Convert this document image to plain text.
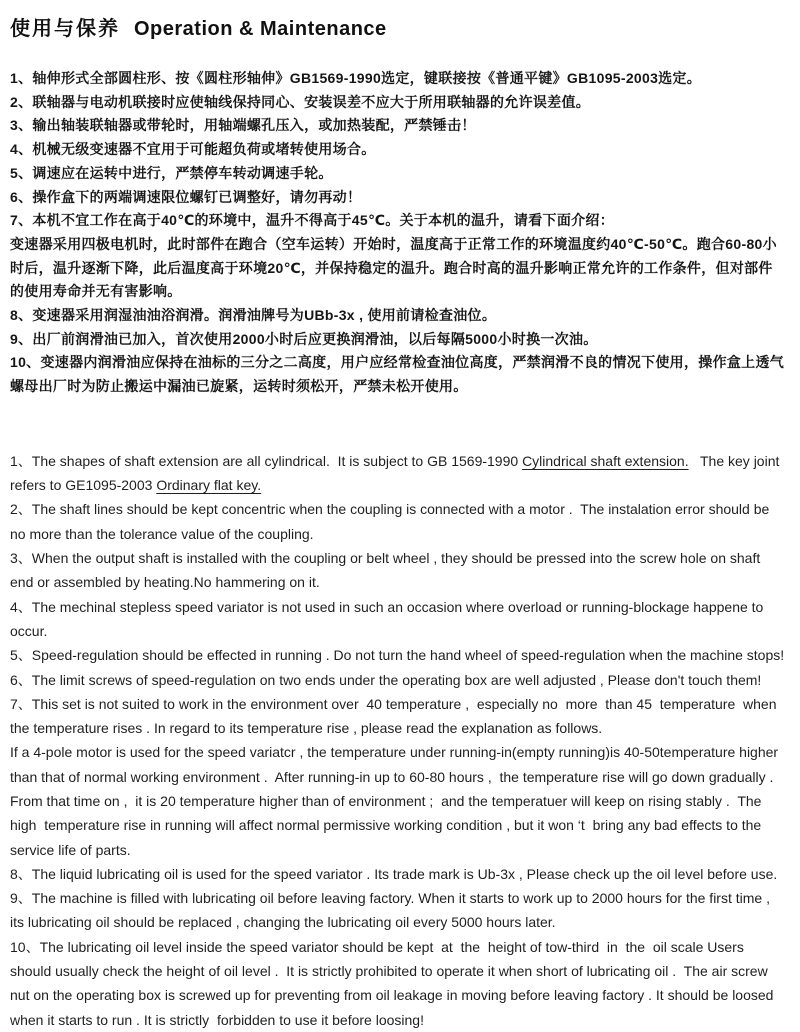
使用与保养 Operation & Maintenance

1、轴伸形式全部圆柱形、按《圆柱形轴伸》GB1569-1990选定，键联接按《普通平键》GB1095-2003选定。

2、联轴器与电动机联接时应使轴线保持同心、安装误差不应大于所用联轴器的允许误差值。

3、输出轴装联轴器或带轮时，用轴端螺孔压入，或加热装配，严禁锤击！

4、机械无级变速器不宜用于可能超负荷或堵转使用场合。

5、调速应在运转中进行，严禁停车转动调速手轮。

6、操作盒下的两端调速限位螺钉已调整好，请勿再动！

7、本机不宜工作在高于40℃的环境中，温升不得高于45℃。关于本机的温升，请看下面介绍：

变速器采用四极电机时，此时部件在跑合（空车运转）开始时，温度高于正常工作的环境温度约40℃-50℃。跑合60-80小时后，温升逐渐下降，此后温度高于环境20℃，并保持稳定的温升。跑合时高的温升影响正常允许的工作条件，但对部件的使用寿命并无有害影响。

8、变速器采用润湿油油浴润滑。润滑油牌号为UBb-3x , 使用前请检查油位。

9、出厂前润滑油已加入，首次使用2000小时后应更换润滑油，以后每隔5000小时换一次油。

10、变速器内润滑油应保持在油标的三分之二高度，用户应经常检查油位高度，严禁润滑不良的情况下使用，操作盒上透气螺母出厂时为防止搬运中漏油已旋紧，运转时须松开，严禁未松开使用。

1、The shapes of shaft extension are all cylindrical.  It is subject to GB 1569-1990 Cylindrical shaft extension.   The key joint refers to GE1095-2003 Ordinary flat key.

2、The shaft lines should be kept concentric when the coupling is connected with a motor .  The instalation error should be no more than the tolerance value of the coupling.

3、When the output shaft is installed with the coupling or belt wheel , they should be pressed into the screw hole on shaft end or assembled by heating.No hammering on it.

4、The mechinal stepless speed variator is not used in such an occasion where overload or running-blockage happene to occur.

5、Speed-regulation should be effected in running . Do not turn the hand wheel of speed-regulation when the machine stops!

6、The limit screws of speed-regulation on two ends under the operating box are well adjusted , Please don't touch them!

7、This set is not suited to work in the environment over  40 temperature ,  especially no  more  than 45  temperature  when the temperature rises . In regard to its temperature rise , please read the explanation as follows.

If a 4-pole motor is used for the speed variatcr , the temperature under running-in(empty running)is 40-50temperature higher than that of normal working environment .  After running-in up to 60-80 hours ,  the temperature rise will go down gradually .  From that time on ,  it is 20 temperature higher than of environment ;  and the temperatuer will keep on rising stably .  The high  temperature rise in running will affect normal permissive working condition , but it won ‘t  bring any bad effects to the service life of parts.

8、The liquid lubricating oil is used for the speed variator . Its trade mark is Ub-3x , Please check up the oil level before use.

9、The machine is filled with lubricating oil before leaving factory. When it starts to work up to 2000 hours for the first time , its lubricating oil should be replaced , changing the lubricating oil every 5000 hours later.

10、The lubricating oil level inside the speed variator should be kept  at  the  height of tow-third  in  the  oil scale Users should usually check the height of oil level .  It is strictly prohibited to operate it when short of lubricating oil .  The air screw nut on the operating box is screwed up for preventing from oil leakage in moving before leaving factory . It should be loosed when it starts to run . It is strictly  forbidden to use it before loosing!
